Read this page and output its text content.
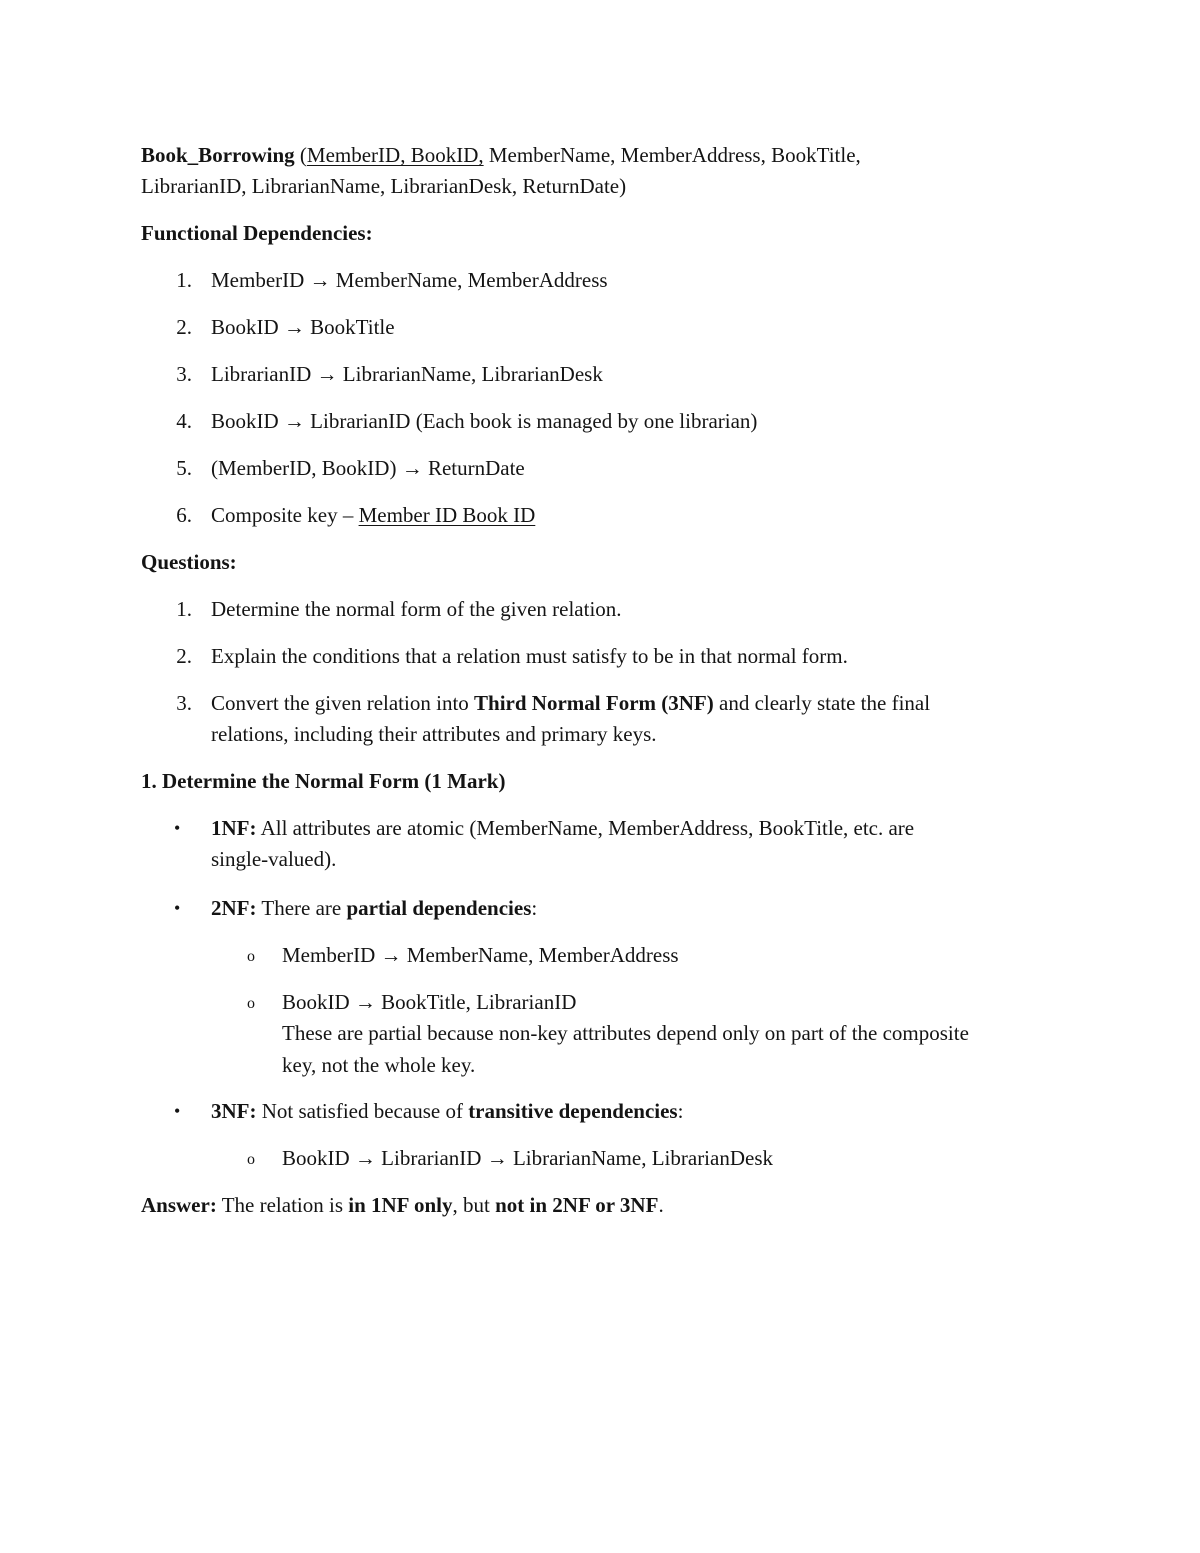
Book_Borrowing (MemberID, BookID, MemberName, MemberAddress, BookTitle,
LibrarianID, LibrarianName, LibrarianDesk, ReturnDate)
Functional Dependencies:
1. MemberID → MemberName, MemberAddress
2. BookID → BookTitle
3. LibrarianID → LibrarianName, LibrarianDesk
4. BookID → LibrarianID (Each book is managed by one librarian)
5. (MemberID, BookID) → ReturnDate
6. Composite key – Member ID Book ID
Questions:
1. Determine the normal form of the given relation.
2. Explain the conditions that a relation must satisfy to be in that normal form.
3. Convert the given relation into Third Normal Form (3NF) and clearly state the final
relations, including their attributes and primary keys.
1. Determine the Normal Form (1 Mark)
• 1NF: All attributes are atomic (MemberName, MemberAddress, BookTitle, etc. are
single-valued).
• 2NF: There are partial dependencies:
o MemberID → MemberName, MemberAddress
o BookID → BookTitle, LibrarianID
These are partial because non-key attributes depend only on part of the composite
key, not the whole key.
• 3NF: Not satisfied because of transitive dependencies:
o BookID → LibrarianID → LibrarianName, LibrarianDesk
Answer: The relation is in 1NF only, but not in 2NF or 3NF.
